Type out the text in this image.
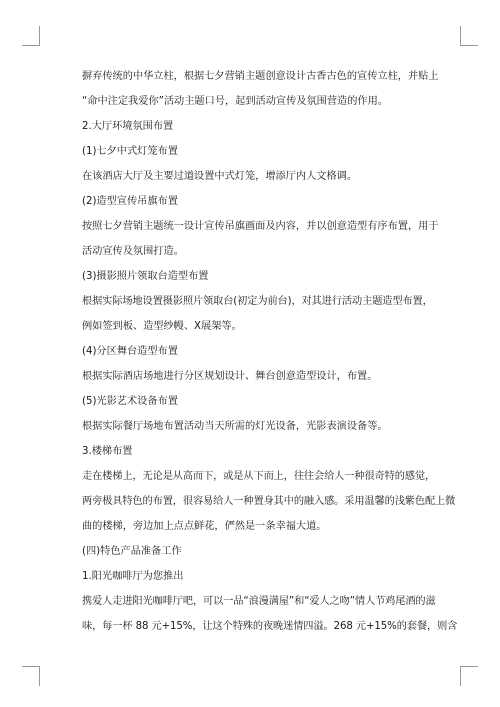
摒弃传统的中华立柱，根据七夕营销主题创意设计古香古色的宣传立柱，并贴上

“命中注定我爱你”活动主题口号，起到活动宣传及氛围营造的作用。

2.大厅环境氛围布置

(1)七夕中式灯笼布置

在该酒店大厅及主要过道设置中式灯笼，增添厅内人文格调。

(2)造型宣传吊旗布置

按照七夕营销主题统一设计宣传吊旗画面及内容，并以创意造型有序布置，用于

活动宣传及氛围打造。

(3)摄影照片领取台造型布置

根据实际场地设置摄影照片领取台(初定为前台)，对其进行活动主题造型布置，

例如签到板、造型纱幔、X展架等。

(4)分区舞台造型布置

根据实际酒店场地进行分区规划设计、舞台创意造型设计，布置。

(5)光影艺术设备布置

根据实际餐厅场地布置活动当天所需的灯光设备，光影表演设备等。

3.楼梯布置

走在楼梯上，无论是从高而下，或是从下而上，往往会给人一种很奇特的感觉，

两旁极具特色的布置，很容易给人一种置身其中的融入感。采用温馨的浅紫色配上微

曲的楼梯，旁边加上点点鲜花，俨然是一条幸福大道。

(四)特色产品准备工作

1.阳光咖啡厅为您推出

携爱人走进阳光咖啡厅吧，可以一品“浪漫满屋”和“爱人之吻”情人节鸡尾酒的滋

味，每一杯 88 元+15%，让这个特殊的夜晚迷情四溢。268 元+15%的套餐，则含
